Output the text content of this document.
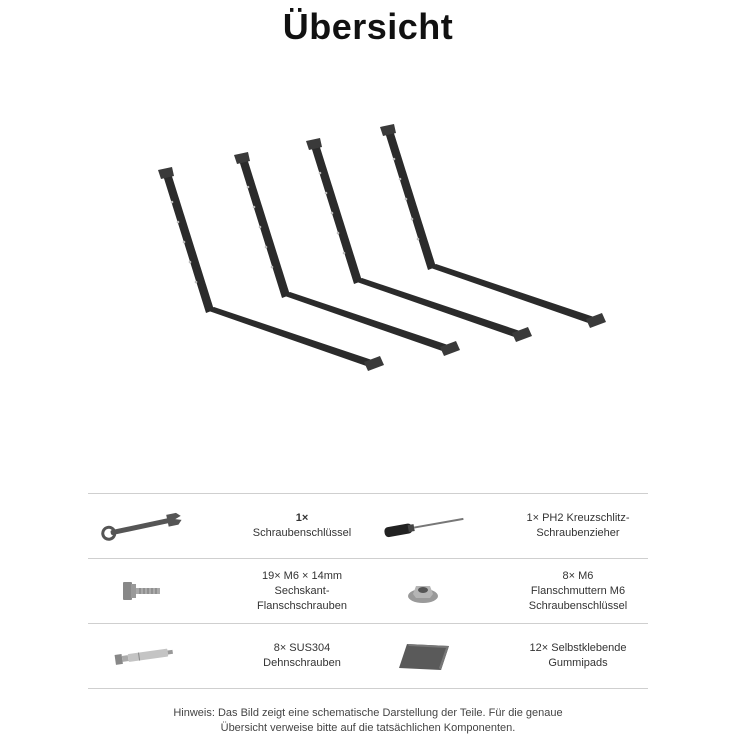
Übersicht
1×
Schraubenschlüssel
1× PH2 Kreuzschlitz-
Schraubenzieher
19× M6 × 14mm
Sechskant-
Flanschschrauben
8× M6
Flanschmuttern M6
Schraubenschlüssel
8× SUS304
Dehnschrauben
12× Selbstklebende
Gummipads
Hinweis: Das Bild zeigt eine schematische Darstellung der Teile. Für die genaue
Übersicht verweise bitte auf die tatsächlichen Komponenten.
